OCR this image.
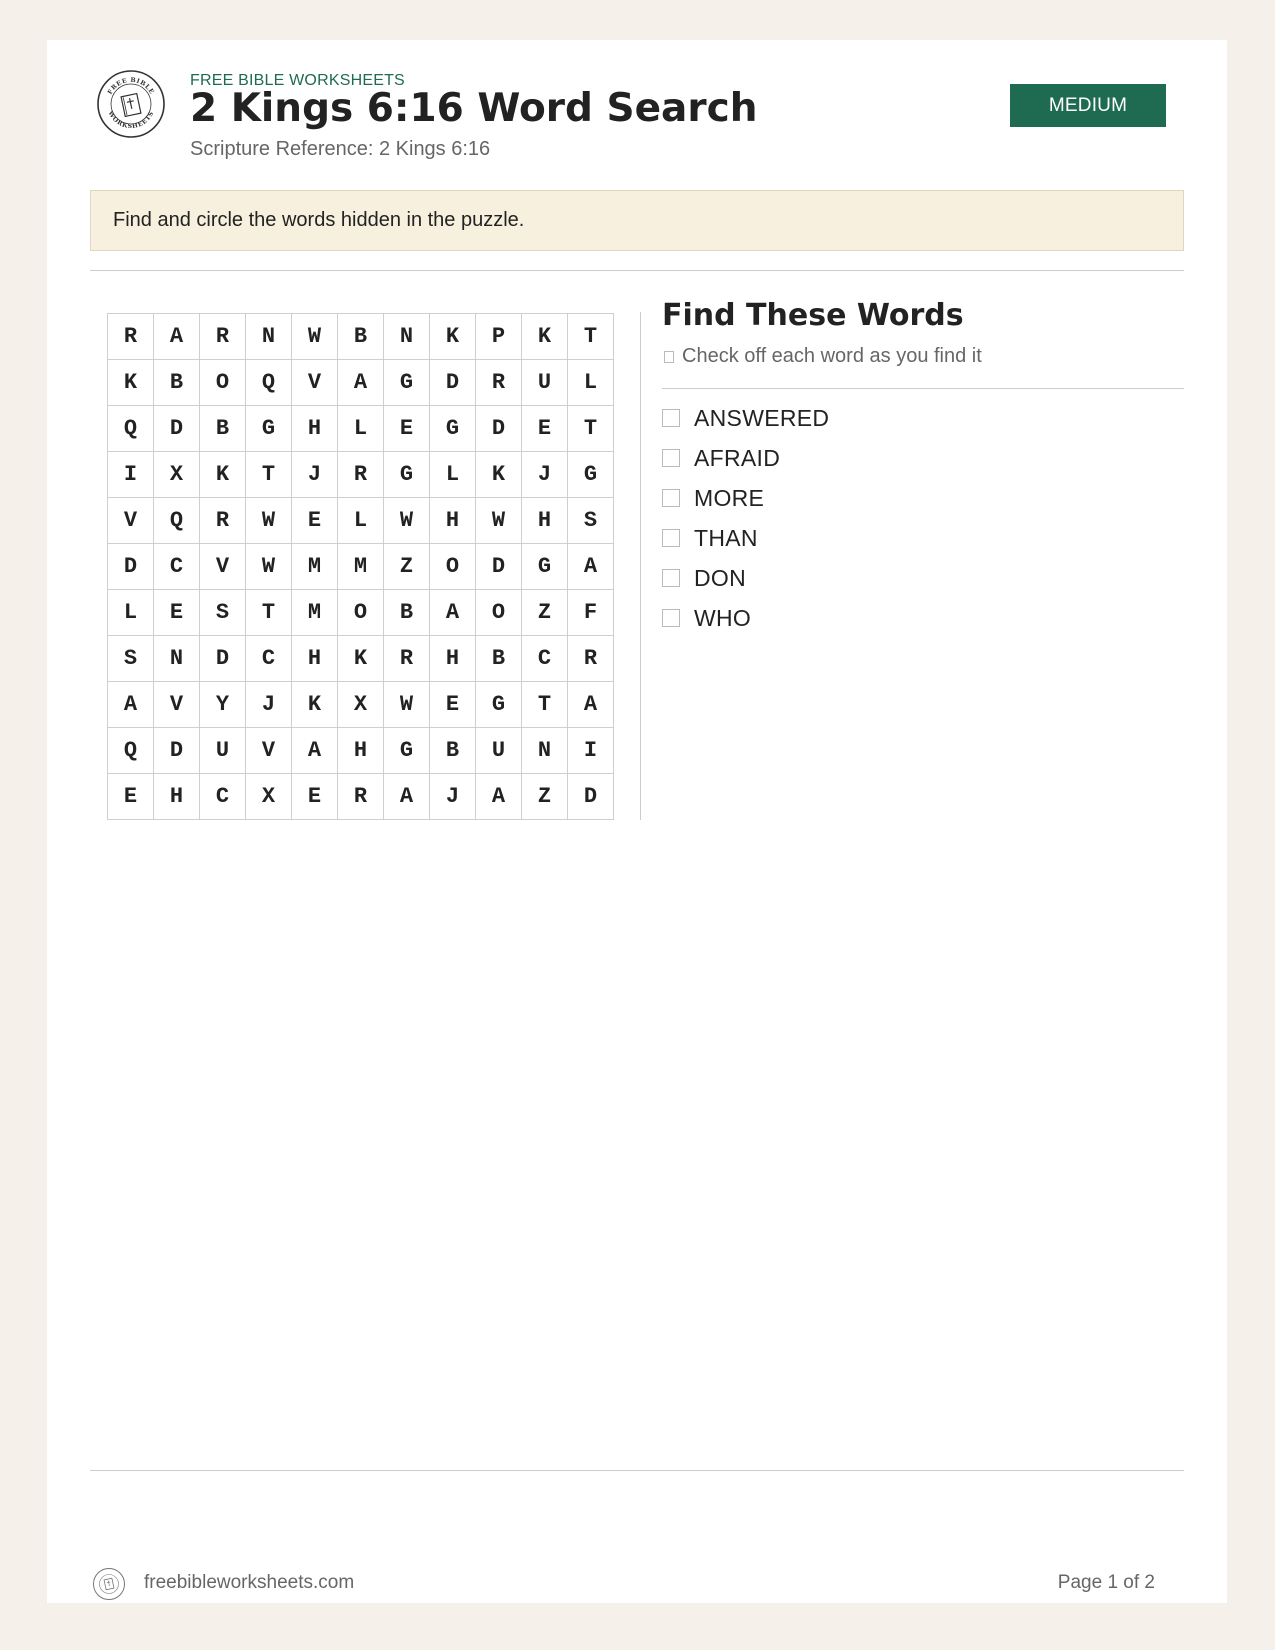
FREE BIBLE
WORKSHEETS
FREE BIBLE WORKSHEETS
2 Kings 6:16 Word Search
Scripture Reference: 2 Kings 6:16
MEDIUM
Find and circle the words hidden in the puzzle.
R	A	R	N	W	B	N	K	P	K	T
K	B	O	Q	V	A	G	D	R	U	L
Q	D	B	G	H	L	E	G	D	E	T
I	X	K	T	J	R	G	L	K	J	G
V	Q	R	W	E	L	W	H	W	H	S
D	C	V	W	M	M	Z	O	D	G	A
L	E	S	T	M	O	B	A	O	Z	F
S	N	D	C	H	K	R	H	B	C	R
A	V	Y	J	K	X	W	E	G	T	A
Q	D	U	V	A	H	G	B	U	N	I
E	H	C	X	E	R	A	J	A	Z	D
Find These Words
Check off each word as you find it
ANSWERED
AFRAID
MORE
THAN
DON
WHO
freebibleworksheets.com	Page 1 of 2
